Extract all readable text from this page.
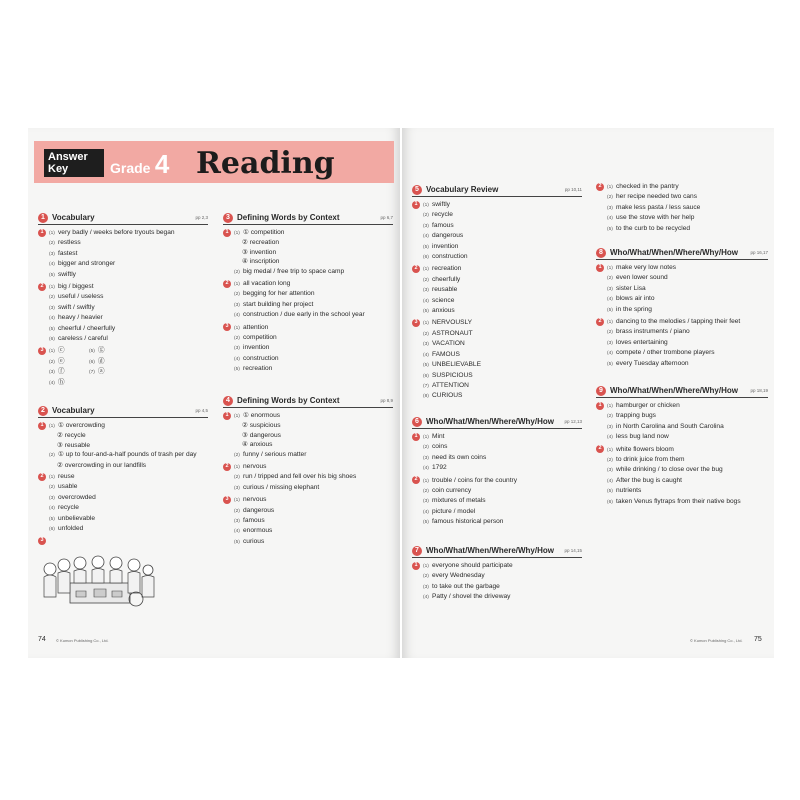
Answer Key	Grade 4 Reading
1 Vocabulary	pp 2,3
1	(1) very badly / weeks before tryouts began
(2) restless
(3) fastest
(4) bigger and stronger
(5) swiftly
2	(1) big / biggest
(2) useful / useless
(3) swift / swiftly
(4) heavy / heavier
(5) cheerful / cheerfully
(6) careless / careful
3	(1) ⓒ	(5) ⓖ
(2) ⓔ	(6) ⓓ
(3) ⓕ	(7) ⓐ
(4) ⓗ
2 Vocabulary	pp 4,5
1	(1) ① overcrowding
② recycle
③ reusable
(2) ① up to four-and-a-half pounds of trash per day
② overcrowding in our landfills
2	(1) reuse
(2) usable
(3) overcrowded
(4) recycle
(5) unbelievable
(6) unfolded
3
3 Defining Words by Context	pp 6,7
1	(1) ① competition
② recreation
③ invention
④ inscription
(2) big medal / free trip to space camp
2	(1) all vacation long
(2) begging for her attention
(3) start building her project
(4) construction / due early in the school year
3	(1) attention
(2) competition
(3) invention
(4) construction
(5) recreation
4 Defining Words by Context	pp 8,9
1	(1) ① enormous
② suspicious
③ dangerous
④ anxious
(2) funny / serious matter
2	(1) nervous
(2) run / tripped and fell over his big shoes
(3) curious / missing elephant
3	(1) nervous
(2) dangerous
(3) famous
(4) enormous
(5) curious
74	© Kumon Publishing Co., Ltd.
5 Vocabulary Review	pp 10,11
1	(1) swiftly
(2) recycle
(3) famous
(4) dangerous
(5) invention
(6) construction
2	(1) recreation
(2) cheerfully
(3) reusable
(4) science
(5) anxious
3	(1) NERVOUSLY
(2) ASTRONAUT
(3) VACATION
(4) FAMOUS
(5) UNBELIEVABLE
(6) SUSPICIOUS
(7) ATTENTION
(8) CURIOUS
6 Who/What/When/Where/Why/How	pp 12,13
1	(1) Mint
(2) coins
(3) need its own coins
(4) 1792
2	(1) trouble / coins for the country
(2) coin currency
(3) mixtures of metals
(4) picture / model
(5) famous historical person
7 Who/What/When/Where/Why/How	pp 14,15
1	(1) everyone should participate
(2) every Wednesday
(3) to take out the garbage
(4) Patty / shovel the driveway
2	(1) checked in the pantry
(2) her recipe needed two cans
(3) make less pasta / less sauce
(4) use the stove with her help
(5) to the curb to be recycled
8 Who/What/When/Where/Why/How	pp 16,17
1	(1) make very low notes
(2) even lower sound
(3) sister Lisa
(4) blows air into
(5) in the spring
2	(1) dancing to the melodies / tapping their feet
(2) brass instruments / piano
(3) loves entertaining
(4) compete / other trombone players
(5) every Tuesday afternoon
9 Who/What/When/Where/Why/How	pp 18,19
1	(1) hamburger or chicken
(2) trapping bugs
(3) in North Carolina and South Carolina
(4) less bug land now
2	(1) white flowers bloom
(2) to drink juice from them
(3) while drinking / to close over the bug
(4) After the bug is caught
(5) nutrients
(6) taken Venus flytraps from their native bogs
© Kumon Publishing Co., Ltd. 75
